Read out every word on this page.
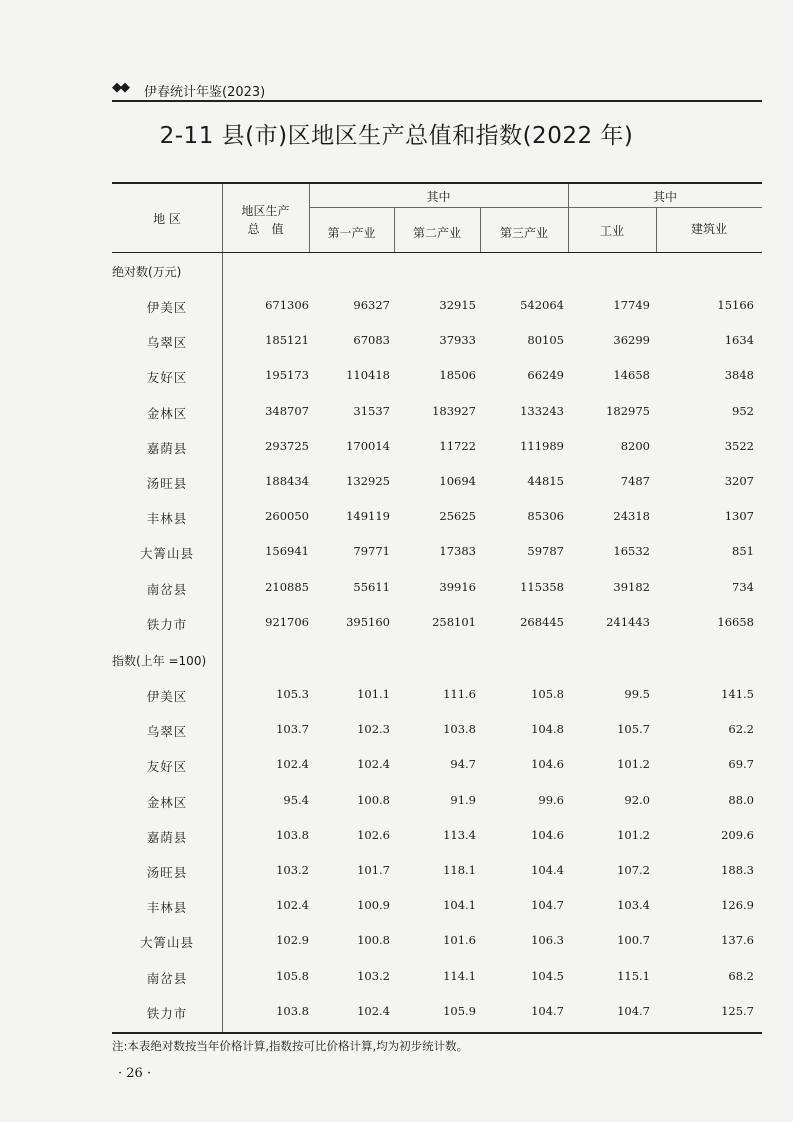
◆◆ 伊春统计年鉴(2023)
2-11 县(市)区地区生产总值和指数(2022 年)
地 区
地区生产
总　值
其中
第一产业	第二产业	第三产业
其中
工业	建筑业
绝对数(万元)
伊美区	671306	96327	32915	542064	17749	15166
乌翠区	185121	67083	37933	80105	36299	1634
友好区	195173	110418	18506	66249	14658	3848
金林区	348707	31537	183927	133243	182975	952
嘉荫县	293725	170014	11722	111989	8200	3522
汤旺县	188434	132925	10694	44815	7487	3207
丰林县	260050	149119	25625	85306	24318	1307
大箐山县	156941	79771	17383	59787	16532	851
南岔县	210885	55611	39916	115358	39182	734
铁力市	921706	395160	258101	268445	241443	16658
指数(上年 =100)
伊美区	105.3	101.1	111.6	105.8	99.5	141.5
乌翠区	103.7	102.3	103.8	104.8	105.7	62.2
友好区	102.4	102.4	94.7	104.6	101.2	69.7
金林区	95.4	100.8	91.9	99.6	92.0	88.0
嘉荫县	103.8	102.6	113.4	104.6	101.2	209.6
汤旺县	103.2	101.7	118.1	104.4	107.2	188.3
丰林县	102.4	100.9	104.1	104.7	103.4	126.9
大箐山县	102.9	100.8	101.6	106.3	100.7	137.6
南岔县	105.8	103.2	114.1	104.5	115.1	68.2
铁力市	103.8	102.4	105.9	104.7	104.7	125.7
注:本表绝对数按当年价格计算,指数按可比价格计算,均为初步统计数。
· 26 ·
